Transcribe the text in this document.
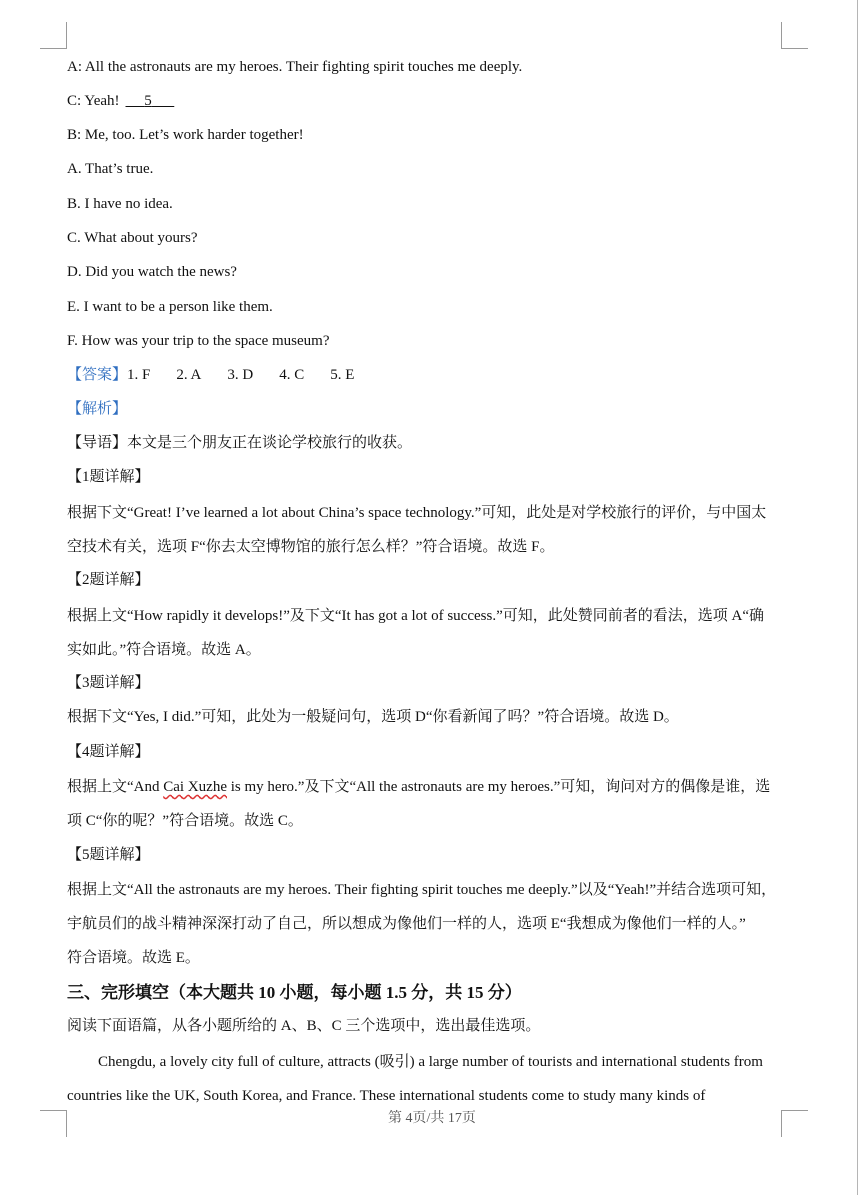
A: All the astronauts are my heroes. Their fighting spirit touches me deeply.
C: Yeah! 5
B: Me, too. Let’s work harder together!
A. That’s true.
B. I have no idea.
C. What about yours?
D. Did you watch the news?
E. I want to be a person like them.
F. How was your trip to the space museum?
【答案】1. F 2. A 3. D 4. C 5. E
【解析】
【导语】本文是三个朋友正在谈论学校旅行的收获。
【1题详解】
根据下文“Great! I’ve learned a lot about China’s space technology.”可知，此处是对学校旅行的评价，与中国太
空技术有关，选项 F“你去太空博物馆的旅行怎么样？”符合语境。故选 F。
【2题详解】
根据上文“How rapidly it develops!”及下文“It has got a lot of success.”可知，此处赞同前者的看法，选项 A“确
实如此。”符合语境。故选 A。
【3题详解】
根据下文“Yes, I did.”可知，此处为一般疑问句，选项 D“你看新闻了吗？”符合语境。故选 D。
【4题详解】
根据上文“And Cai Xuzhe is my hero.”及下文“All the astronauts are my heroes.”可知，询问对方的偶像是谁，选
项 C“你的呢？”符合语境。故选 C。
【5题详解】
根据上文“All the astronauts are my heroes. Their fighting spirit touches me deeply.”以及“Yeah!”并结合选项可知，
宇航员们的战斗精神深深打动了自己，所以想成为像他们一样的人，选项 E“我想成为像他们一样的人。”
符合语境。故选 E。
三、完形填空（本大题共 10 小题，每小题 1.5 分，共 15 分）
阅读下面语篇，从各小题所给的 A、B、C 三个选项中，选出最佳选项。
Chengdu, a lovely city full of culture, attracts (吸引) a large number of tourists and international students from
countries like the UK, South Korea, and France. These international students come to study many kinds of
第 4页/共 17页
